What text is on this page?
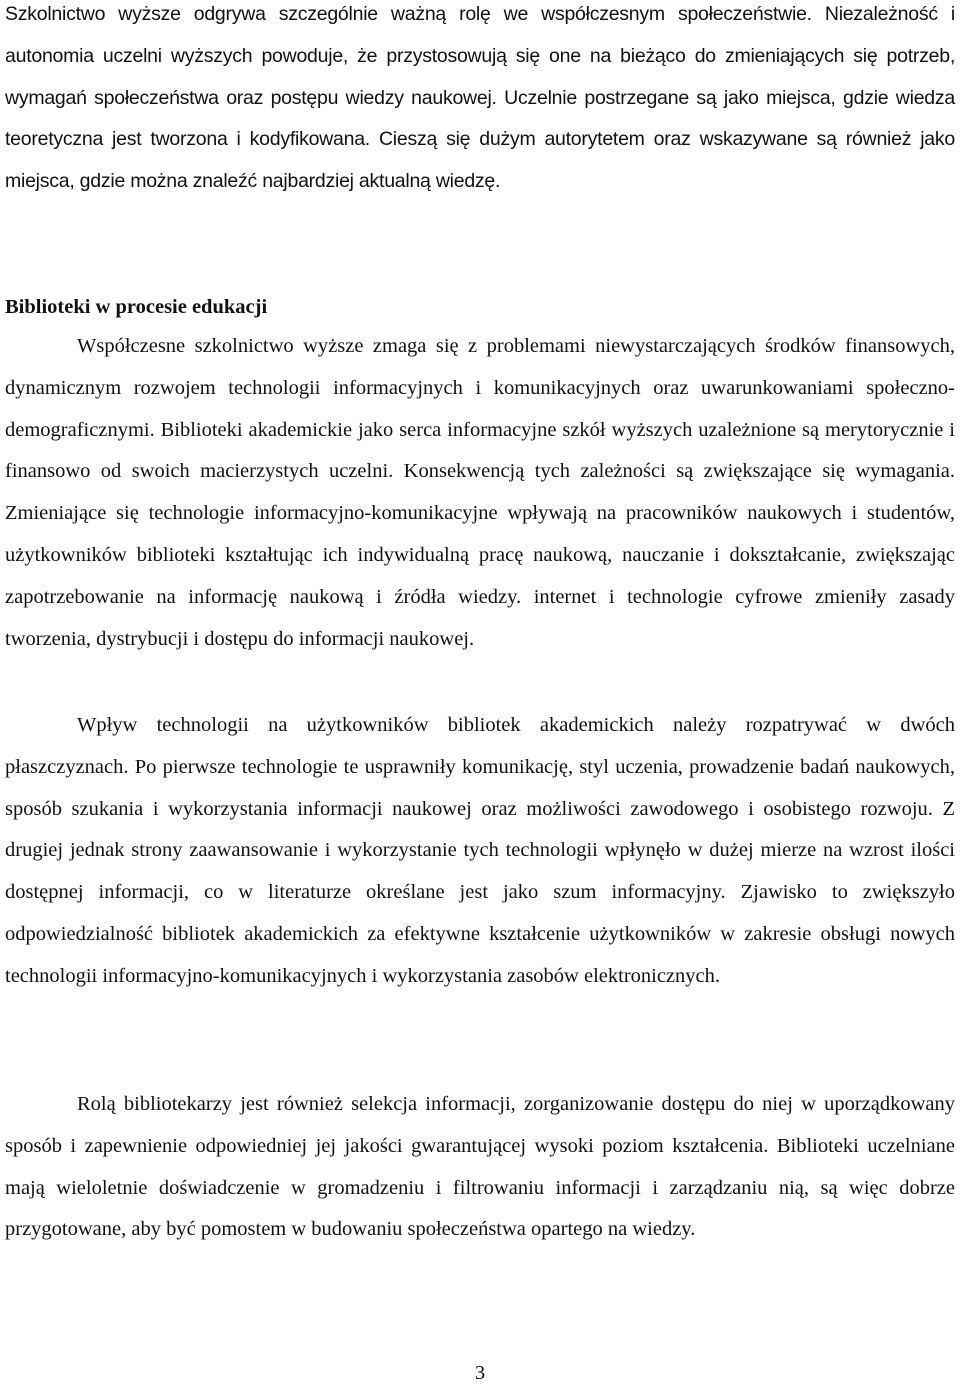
Szkolnictwo wyższe odgrywa szczególnie ważną rolę we współczesnym społeczeństwie. Niezależność i autonomia uczelni wyższych powoduje, że przystosowują się one na bieżąco do zmieniających się potrzeb, wymagań społeczeństwa oraz postępu wiedzy naukowej. Uczelnie postrzegane są jako miejsca, gdzie wiedza teoretyczna jest tworzona i kodyfikowana. Cieszą się dużym autorytetem oraz wskazywane są również jako miejsca, gdzie można znaleźć najbardziej aktualną wiedzę.

Biblioteki w procesie edukacji

Współczesne szkolnictwo wyższe zmaga się z problemami niewystarczających środków finansowych, dynamicznym rozwojem technologii informacyjnych i komunikacyjnych oraz uwarunkowaniami społeczno-demograficznymi. Biblioteki akademickie jako serca informacyjne szkół wyższych uzależnione są merytorycznie i finansowo od swoich macierzystych uczelni. Konsekwencją tych zależności są zwiększające się wymagania. Zmieniające się technologie informacyjno-komunikacyjne wpływają na pracowników naukowych i studentów, użytkowników biblioteki kształtując ich indywidualną pracę naukową, nauczanie i dokształcanie, zwiększając zapotrzebowanie na informację naukową i źródła wiedzy. internet i technologie cyfrowe zmieniły zasady tworzenia, dystrybucji i dostępu do informacji naukowej.

Wpływ technologii na użytkowników bibliotek akademickich należy rozpatrywać w dwóch płaszczyznach. Po pierwsze technologie te usprawniły komunikację, styl uczenia, prowadzenie badań naukowych, sposób szukania i wykorzystania informacji naukowej oraz możliwości zawodowego i osobistego rozwoju. Z drugiej jednak strony zaawansowanie i wykorzystanie tych technologii wpłynęło w dużej mierze na wzrost ilości dostępnej informacji, co w literaturze określane jest jako szum informacyjny. Zjawisko to zwiększyło odpowiedzialność bibliotek akademickich za efektywne kształcenie użytkowników w zakresie obsługi nowych technologii informacyjno-komunikacyjnych i wykorzystania zasobów elektronicznych.

Rolą bibliotekarzy jest również selekcja informacji, zorganizowanie dostępu do niej w uporządkowany sposób i zapewnienie odpowiedniej jej jakości gwarantującej wysoki poziom kształcenia. Biblioteki uczelniane mają wieloletnie doświadczenie w gromadzeniu i filtrowaniu informacji i zarządzaniu nią, są więc dobrze przygotowane, aby być pomostem w budowaniu społeczeństwa opartego na wiedzy.

3
